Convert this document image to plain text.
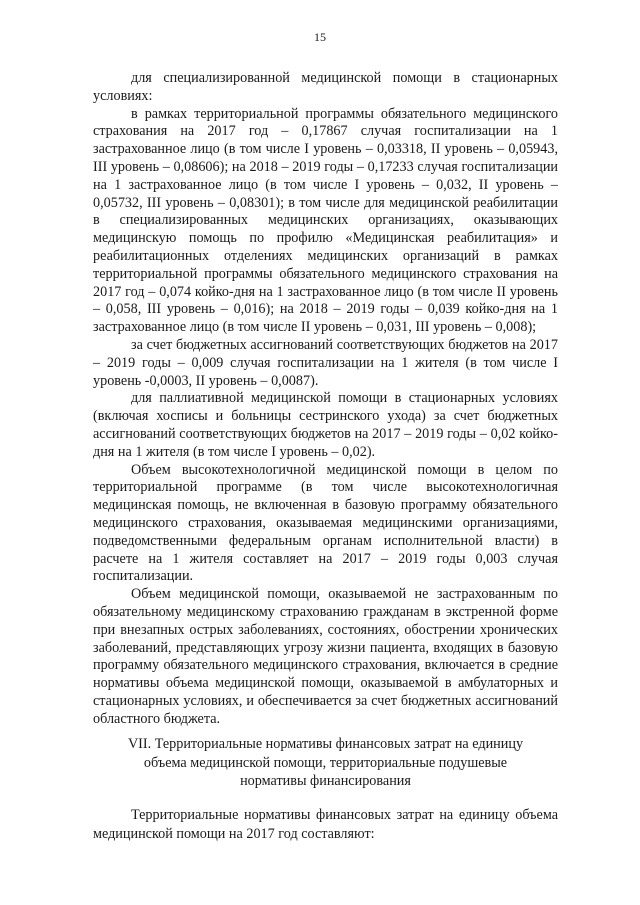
15

для специализированной медицинской помощи в стационарных условиях:

в рамках территориальной программы обязательного медицинского страхования на 2017 год – 0,17867 случая госпитализации на 1 застрахованное лицо (в том числе I уровень – 0,03318, II уровень – 0,05943, III уровень – 0,08606); на 2018 – 2019 годы – 0,17233 случая госпитализации на 1 застрахованное лицо (в том числе I уровень – 0,032, II уровень – 0,05732, III уровень – 0,08301); в том числе для медицинской реабилитации в специализированных медицинских организациях, оказывающих медицинскую помощь по профилю «Медицинская реабилитация» и реабилитационных отделениях медицинских организаций в рамках территориальной программы обязательного медицинского страхования на 2017 год – 0,074 койко-дня на 1 застрахованное лицо (в том числе II уровень – 0,058, III уровень – 0,016); на 2018 – 2019 годы – 0,039 койко-дня на 1 застрахованное лицо (в том числе II уровень – 0,031, III уровень – 0,008);

за счет бюджетных ассигнований соответствующих бюджетов на 2017 – 2019 годы – 0,009 случая госпитализации на 1 жителя (в том числе I уровень -0,0003, II уровень – 0,0087).

для паллиативной медицинской помощи в стационарных условиях (включая хосписы и больницы сестринского ухода) за счет бюджетных ассигнований соответствующих бюджетов на 2017 – 2019 годы – 0,02 койко-дня на 1 жителя (в том числе I уровень – 0,02).

Объем высокотехнологичной медицинской помощи в целом по территориальной программе (в том числе высокотехнологичная медицинская помощь, не включенная в базовую программу обязательного медицинского страхования, оказываемая медицинскими организациями, подведомственными федеральным органам исполнительной власти) в расчете на 1 жителя составляет на 2017 – 2019 годы 0,003 случая госпитализации.

Объем медицинской помощи, оказываемой не застрахованным по обязательному медицинскому страхованию гражданам в экстренной форме при внезапных острых заболеваниях, состояниях, обострении хронических заболеваний, представляющих угрозу жизни пациента, входящих в базовую программу обязательного медицинского страхования, включается в средние нормативы объема медицинской помощи, оказываемой в амбулаторных и стационарных условиях, и обеспечивается за счет бюджетных ассигнований областного бюджета.

VII. Территориальные нормативы финансовых затрат на единицу
объема медицинской помощи, территориальные подушевые
нормативы финансирования

Территориальные нормативы финансовых затрат на единицу объема медицинской помощи на 2017 год составляют:
